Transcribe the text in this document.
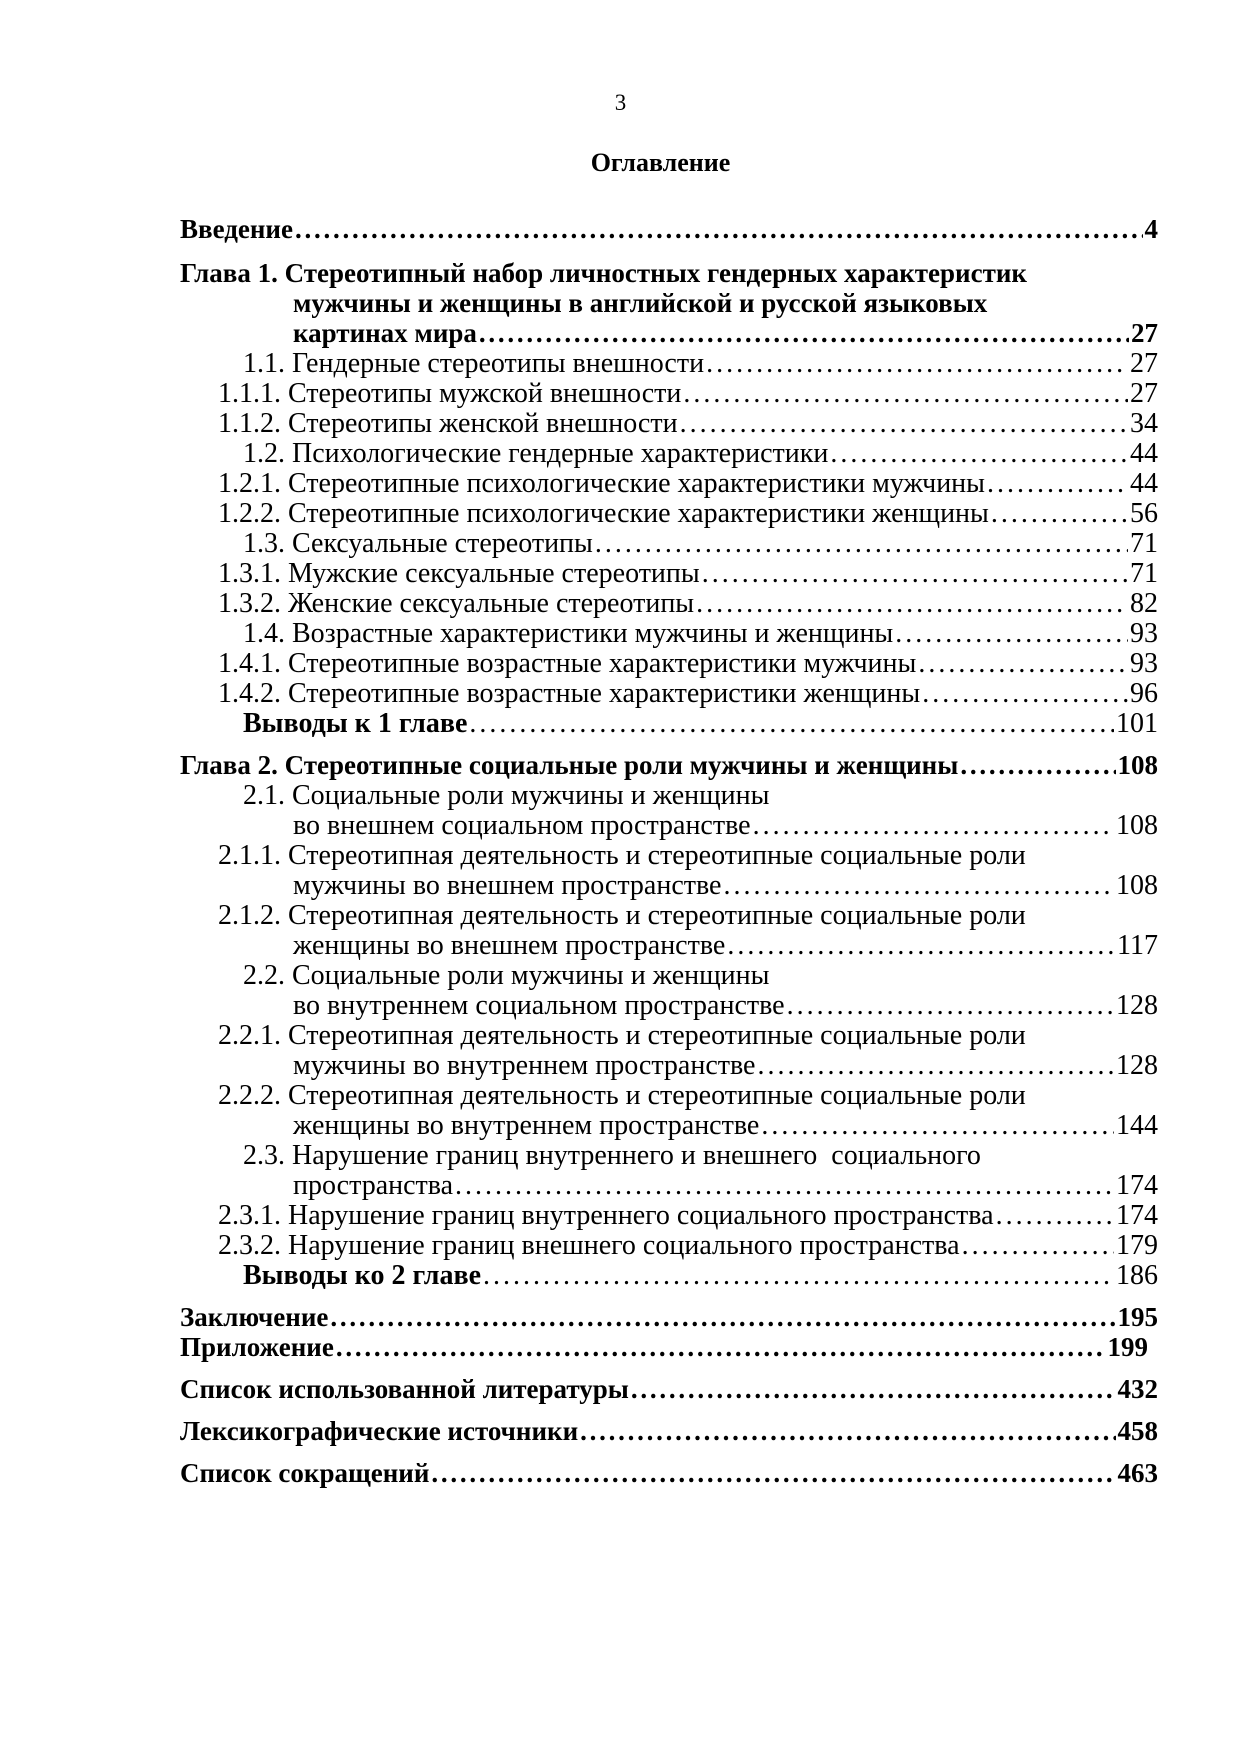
3
Оглавление
Введение . . .	4
Глава 1. Стереотипный набор личностных гендерных характеристик
мужчины и женщины в английской и русской языковых
картинах мира . . .	27
1.1. Гендерные стереотипы внешности . . .	27
1.1.1. Стереотипы мужской внешности . . .	27
1.1.2. Стереотипы женской внешности . . .	34
1.2. Психологические гендерные характеристики . . .	44
1.2.1. Стереотипные психологические характеристики мужчины . . .	44
1.2.2. Стереотипные психологические характеристики женщины . . .	56
1.3. Сексуальные стереотипы . . .	71
1.3.1. Мужские сексуальные стереотипы . . .	71
1.3.2. Женские сексуальные стереотипы . . .	82
1.4. Возрастные характеристики мужчины и женщины . . .	93
1.4.1. Стереотипные возрастные характеристики мужчины . . .	93
1.4.2. Стереотипные возрастные характеристики женщины . . .	96
Выводы к 1 главе . . .	101
Глава 2. Стереотипные социальные роли мужчины и женщины . . .	108
2.1. Социальные роли мужчины и женщины
во внешнем социальном пространстве . . .	108
2.1.1. Стереотипная деятельность и стереотипные социальные роли
мужчины во внешнем пространстве . . .	108
2.1.2. Стереотипная деятельность и стереотипные социальные роли
женщины во внешнем пространстве . . .	117
2.2. Социальные роли мужчины и женщины
во внутреннем социальном пространстве . . .	128
2.2.1. Стереотипная деятельность и стереотипные социальные роли
мужчины во внутреннем пространстве . . .	128
2.2.2. Стереотипная деятельность и стереотипные социальные роли
женщины во внутреннем пространстве . . .	144
2.3. Нарушение границ внутреннего и внешнего  социального
пространства . . .	174
2.3.1. Нарушение границ внутреннего социального пространства . . .	174
2.3.2. Нарушение границ внешнего социального пространства . . .	179
Выводы ко 2 главе . . .	186
Заключение . . .	195
Приложение . . .	199
Список использованной литературы . . .	432
Лексикографические источники . . .	458
Список сокращений . . .	463
